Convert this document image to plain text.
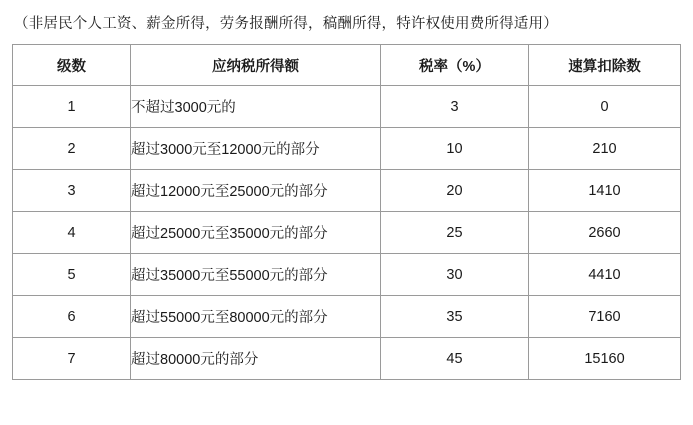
（非居民个人工资、薪金所得，劳务报酬所得，稿酬所得，特许权使用费所得适用）

级数	应纳税所得额	税率（%）	速算扣除数
1	不超过3000元的	3	0
2	超过3000元至12000元的部分	10	210
3	超过12000元至25000元的部分	20	1410
4	超过25000元至35000元的部分	25	2660
5	超过35000元至55000元的部分	30	4410
6	超过55000元至80000元的部分	35	7160
7	超过80000元的部分	45	15160
